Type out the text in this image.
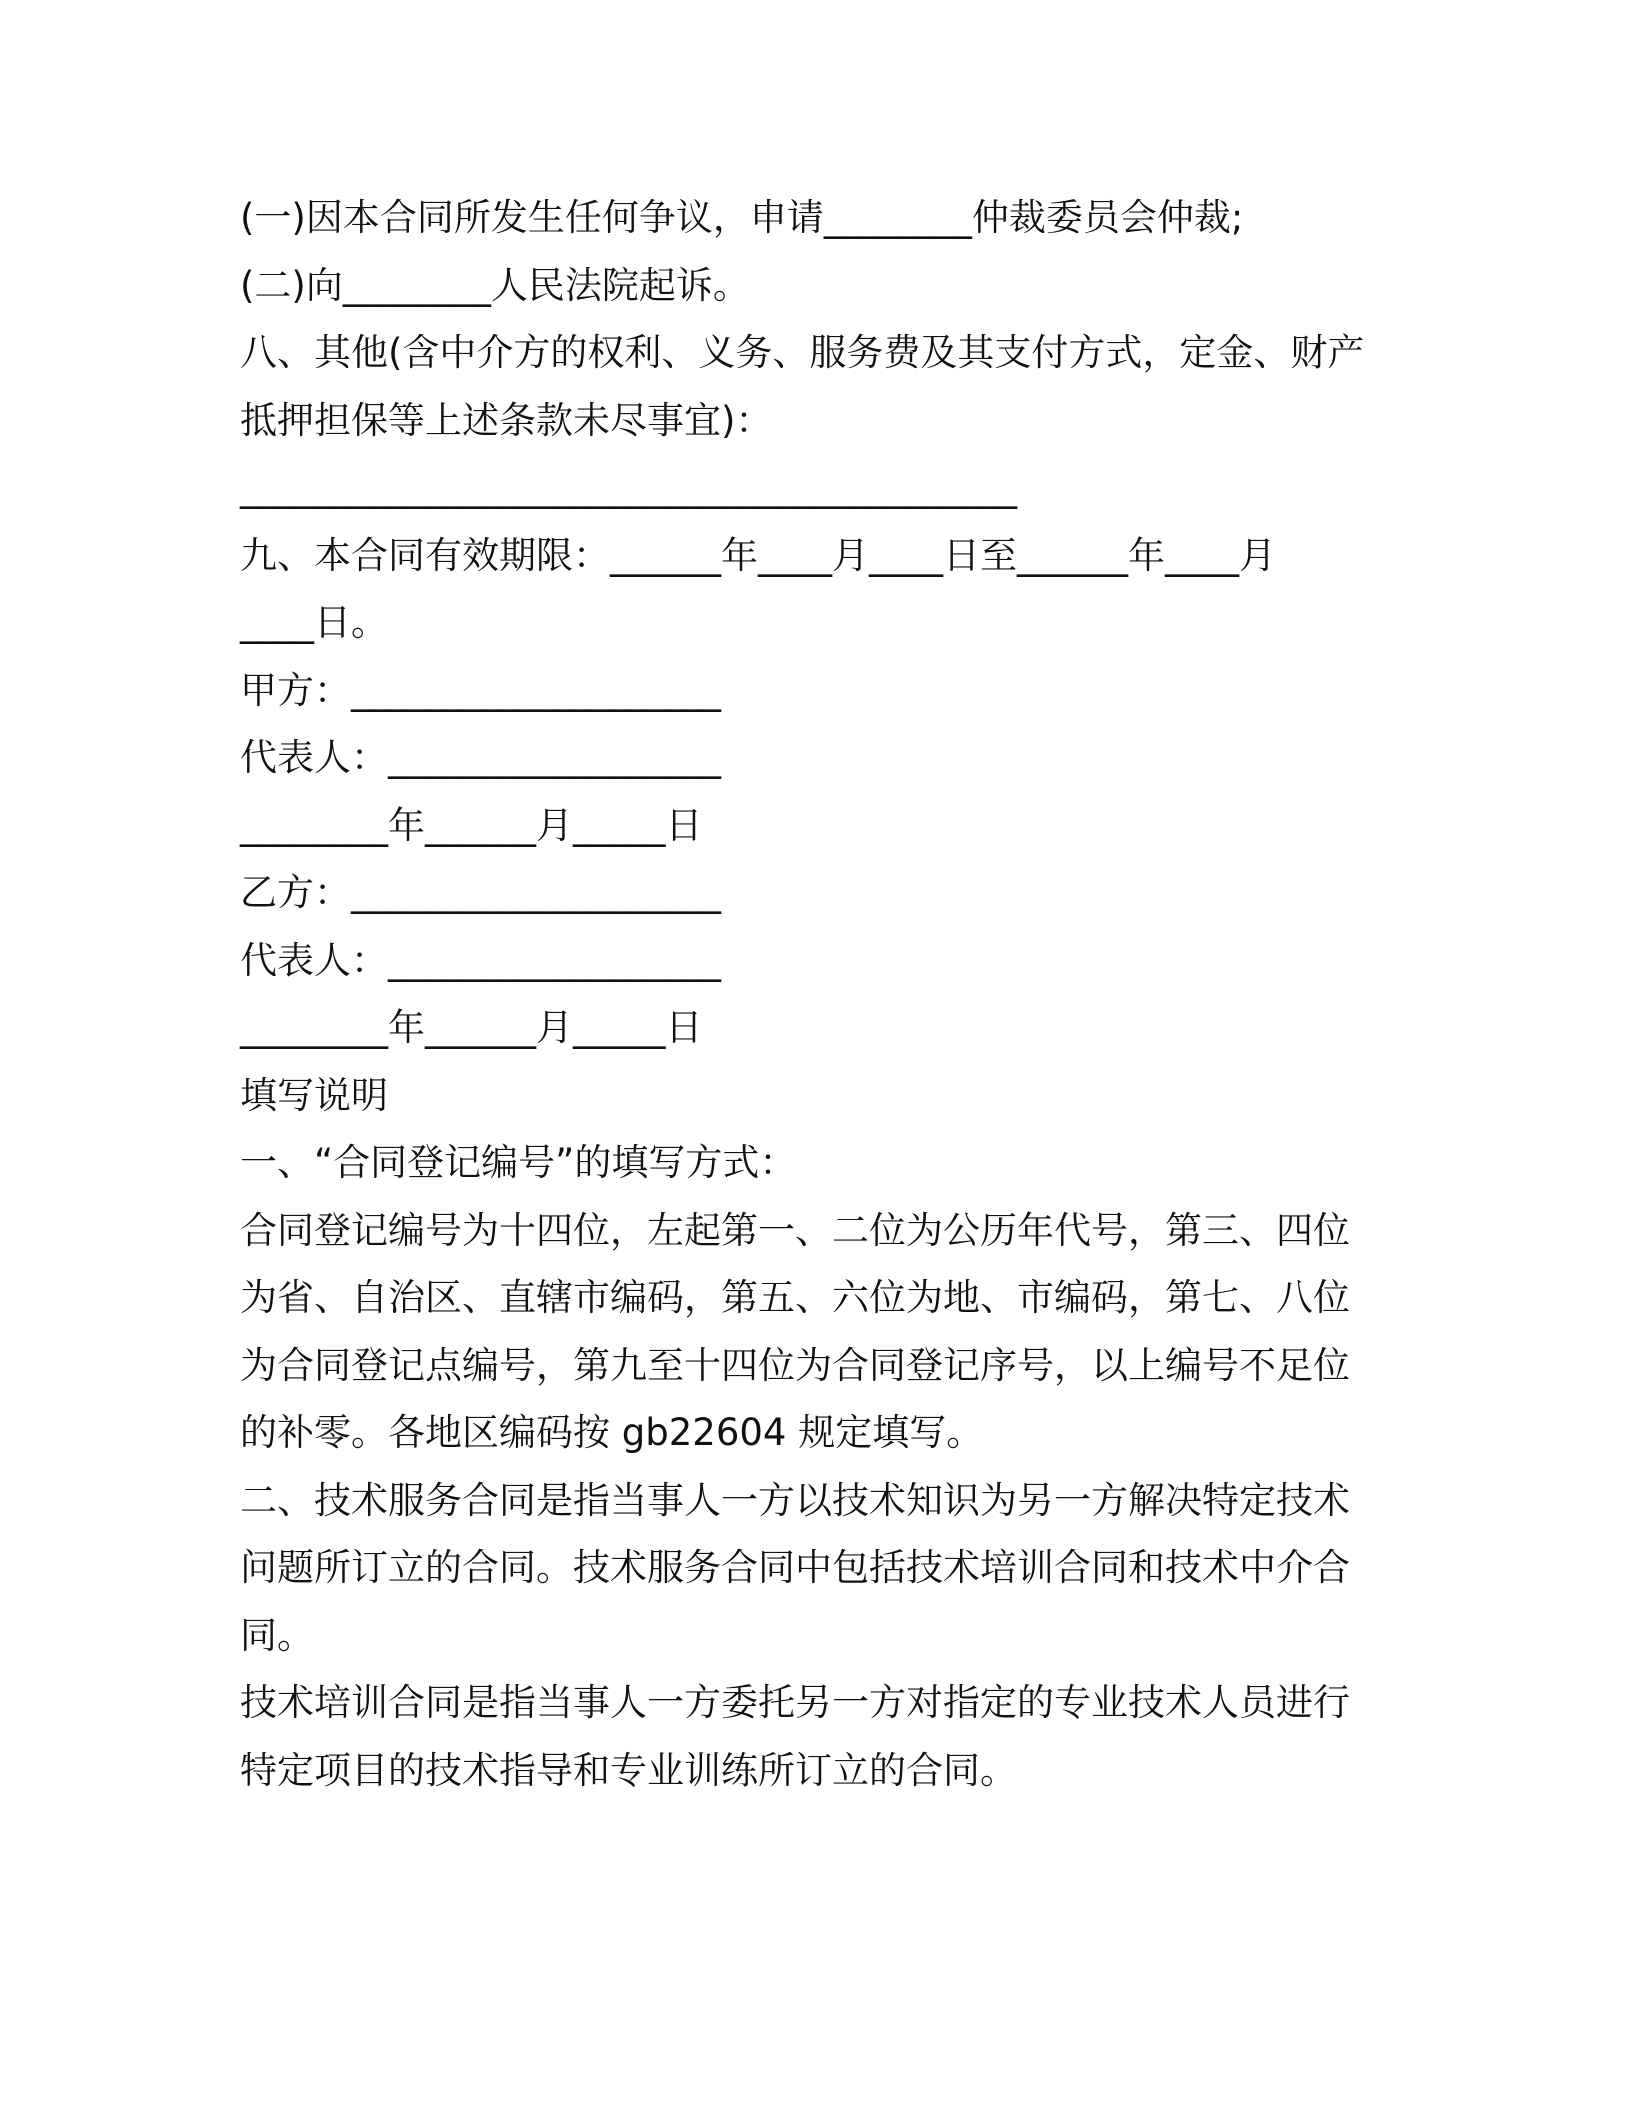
(一)因本合同所发生任何争议，申请________仲裁委员会仲裁;
(二)向________人民法院起诉。
八、其他(含中介方的权利、义务、服务费及其支付方式，定金、财产
抵押担保等上述条款未尽事宜)：
__________________________________________
九、本合同有效期限：______年____月____日至______年____月
____日。
甲方：____________________
代表人：__________________
________年______月_____日
乙方：____________________
代表人：__________________
________年______月_____日
填写说明
一、“合同登记编号”的填写方式：
合同登记编号为十四位，左起第一、二位为公历年代号，第三、四位
为省、自治区、直辖市编码，第五、六位为地、市编码，第七、八位
为合同登记点编号，第九至十四位为合同登记序号，以上编号不足位
的补零。各地区编码按 gb22604 规定填写。
二、技术服务合同是指当事人一方以技术知识为另一方解决特定技术
问题所订立的合同。技术服务合同中包括技术培训合同和技术中介合
同。
技术培训合同是指当事人一方委托另一方对指定的专业技术人员进行
特定项目的技术指导和专业训练所订立的合同。
